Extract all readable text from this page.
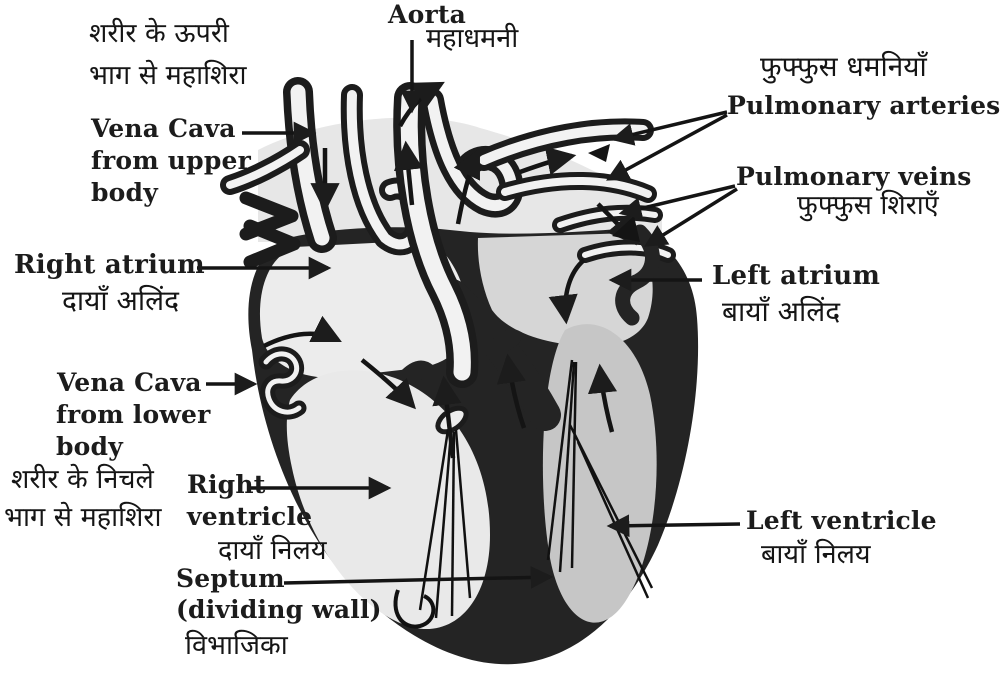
शरीर के ऊपरी
भाग से महाशिरा
Vena Cava
from upper
body
Aorta
महाधमनी
फुफ्फुस धमनियाँ
Pulmonary arteries
Pulmonary veins
फुफ्फुस शिराएँ
Right atrium
दायाँ अलिंद
Left atrium
बायाँ अलिंद
Vena Cava
from lower
body
शरीर के निचले
भाग से महाशिरा
Right
ventricle
दायाँ निलय
Septum
(dividing wall)
विभाजिका
Left ventricle
बायाँ निलय
